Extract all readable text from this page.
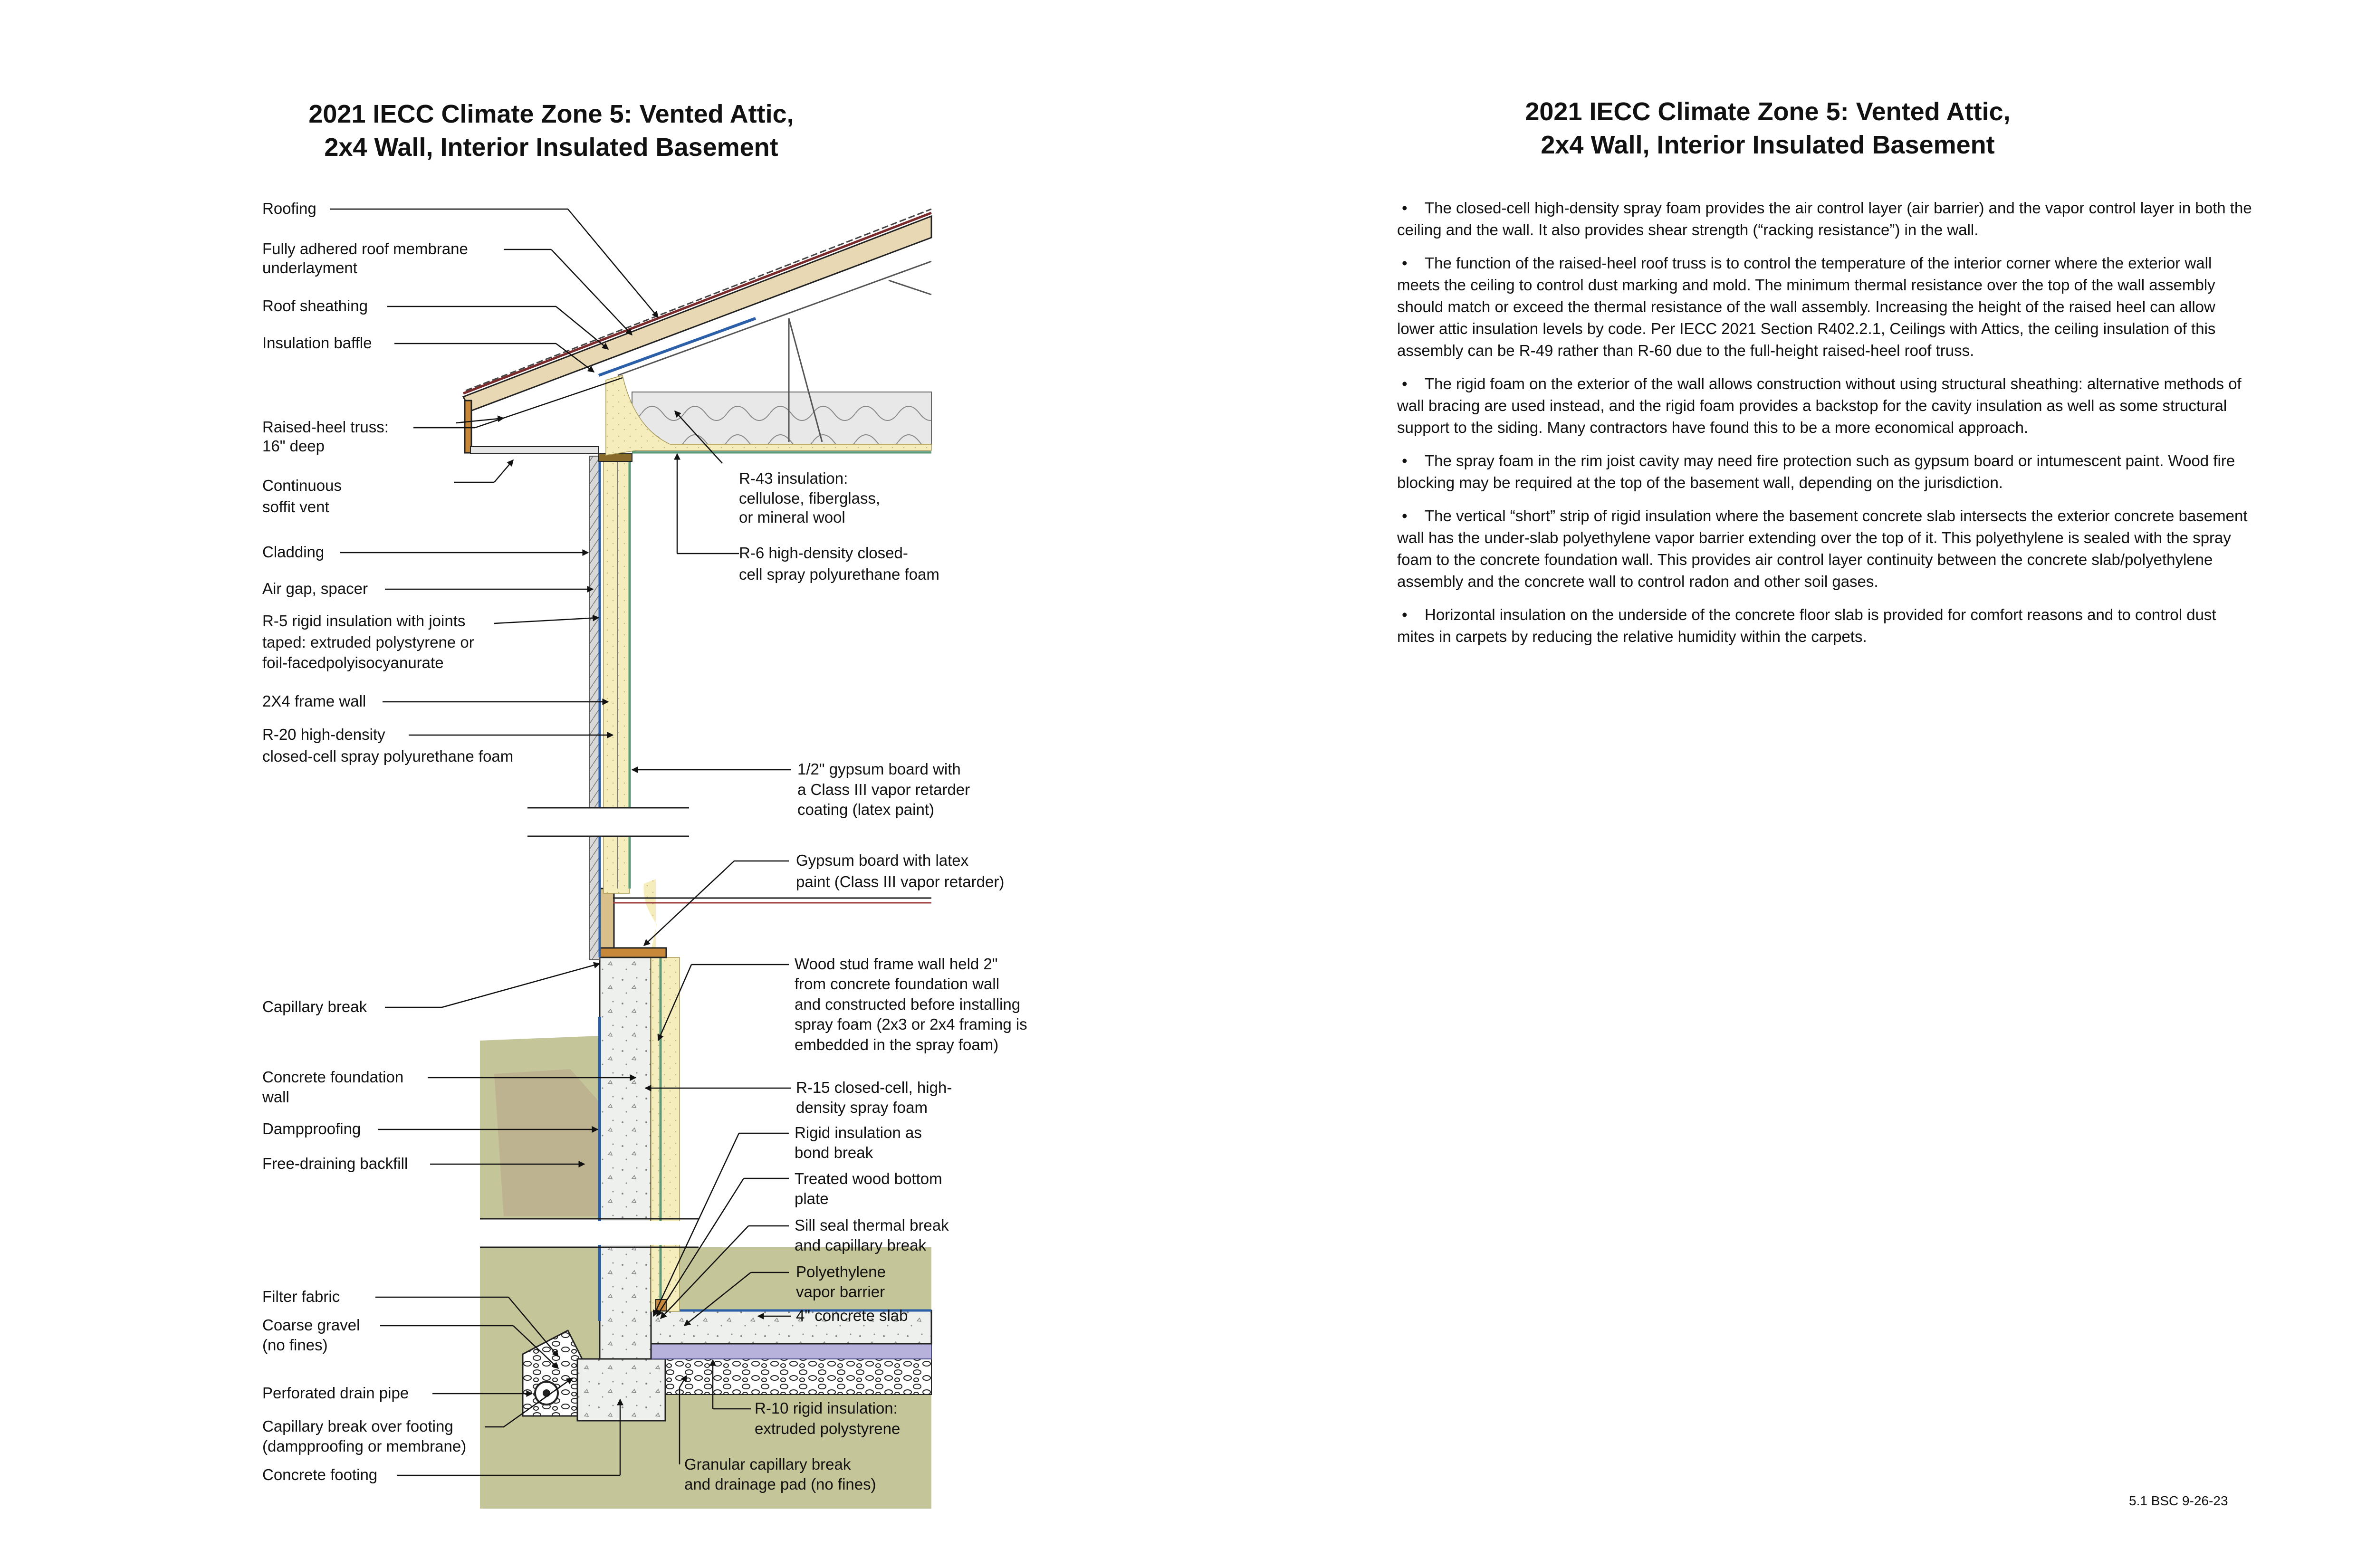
2021 IECC Climate Zone 5: Vented Attic,
2x4 Wall, Interior Insulated Basement
2021 IECC Climate Zone 5: Vented Attic,
2x4 Wall, Interior Insulated Basement
Roofing
Fully adhered roof membrane
underlayment
Roof sheathing
Insulation baffle
Raised-heel truss:
16" deep
Continuous
soffit vent
Cladding
Air gap, spacer
R-5 rigid insulation with joints
taped: extruded polystyrene or
foil-facedpolyisocyanurate
2X4 frame wall
R-20 high-density
closed-cell spray polyurethane foam
R-43 insulation:
cellulose, fiberglass,
or mineral wool
R-6 high-density closed-
cell spray polyurethane foam
1/2" gypsum board with
a Class III vapor retarder
coating (latex paint)
Gypsum board with latex
paint (Class III vapor retarder)
Wood stud frame wall held 2"
from concrete foundation wall
and constructed before installing
spray foam (2x3 or 2x4 framing is
embedded in the spray foam)
Capillary break
Concrete foundation
wall
Dampproofing
Free-draining backfill
R-15 closed-cell, high-
density spray foam
Rigid insulation as
bond break
Treated wood bottom
plate
Sill seal thermal break
and capillary break
Polyethylene
vapor barrier
4" concrete slab
Filter fabric
Coarse gravel
(no fines)
Perforated drain pipe
Capillary break over footing
(dampproofing or membrane)
Concrete footing
R-10 rigid insulation:
extruded polystyrene
Granular capillary break
and drainage pad (no fines)

• The closed-cell high-density spray foam provides the air control layer (air barrier) and the vapor control layer in both the ceiling and the wall. It also provides shear strength (“racking resistance”) in the wall.

• The function of the raised-heel roof truss is to control the temperature of the interior corner where the exterior wall meets the ceiling to control dust marking and mold. The minimum thermal resistance over the top of the wall assembly should match or exceed the thermal resistance of the wall assembly. Increasing the height of the raised heel can allow lower attic insulation levels by code. Per IECC 2021 Section R402.2.1, Ceilings with Attics, the ceiling insulation of this assembly can be R-49 rather than R-60 due to the full-height raised-heel roof truss.

• The rigid foam on the exterior of the wall allows construction without using structural sheathing: alternative methods of wall bracing are used instead, and the rigid foam provides a backstop for the cavity insulation as well as some structural support to the siding. Many contractors have found this to be a more economical approach.

• The spray foam in the rim joist cavity may need fire protection such as gypsum board or intumescent paint. Wood fire blocking may be required at the top of the basement wall, depending on the jurisdiction.

• The vertical “short” strip of rigid insulation where the basement concrete slab intersects the exterior concrete basement wall has the under-slab polyethylene vapor barrier extending over the top of it. This polyethylene is sealed with the spray foam to the concrete foundation wall. This provides air control layer continuity between the concrete slab/polyethylene assembly and the concrete wall to control radon and other soil gases.

• Horizontal insulation on the underside of the concrete floor slab is provided for comfort reasons and to control dust mites in carpets by reducing the relative humidity within the carpets.

5.1 BSC 9-26-23
